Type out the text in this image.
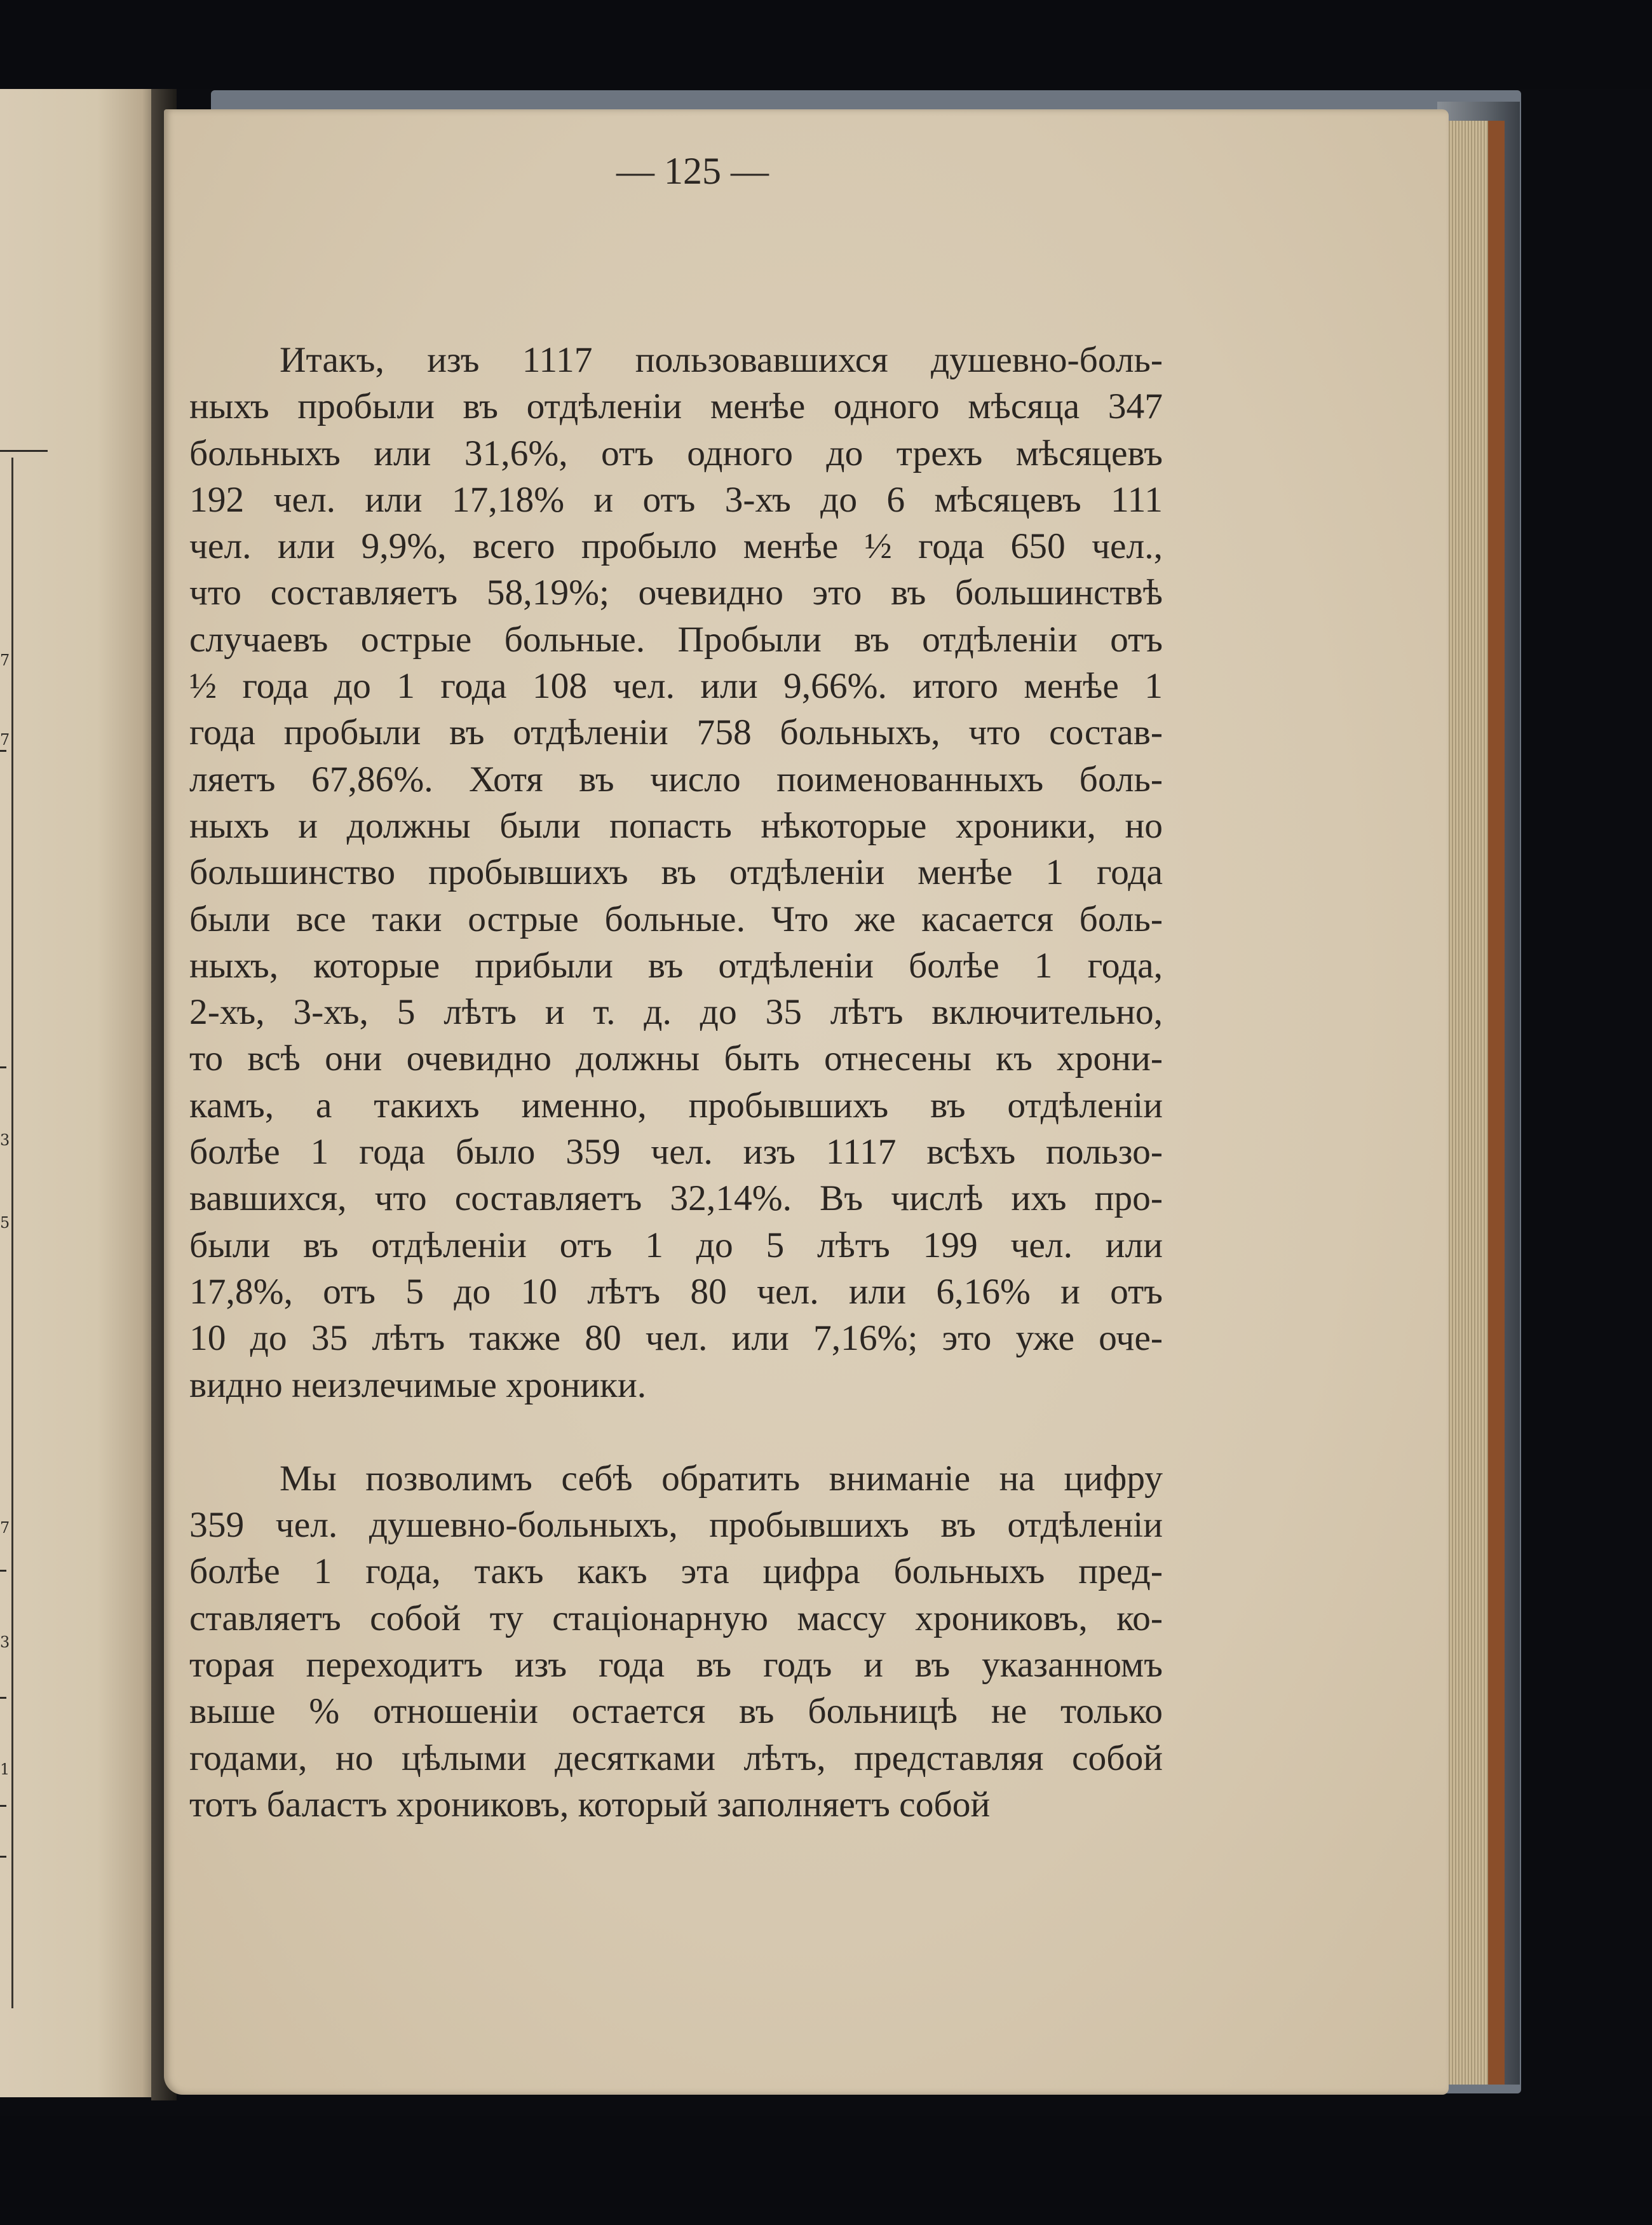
7
7
3
5
7
3
1
— 125 —

Итакъ, изъ 1117 пользовавшихся душевно-боль-
ныхъ пробыли въ отдѣленіи менѣе одного мѣсяца 347
больныхъ или 31,6%, отъ одного до трехъ мѣсяцевъ
192 чел. или 17,18% и отъ 3-хъ до 6 мѣсяцевъ 111
чел. или 9,9%, всего пробыло менѣе ½ года 650 чел.,
что составляетъ 58,19%; очевидно это въ большинствѣ
случаевъ острые больные. Пробыли въ отдѣленіи отъ
½ года до 1 года 108 чел. или 9,66%. итого менѣе 1
года пробыли въ отдѣленіи 758 больныхъ, что состав-
ляетъ 67,86%. Хотя въ число поименованныхъ боль-
ныхъ и должны были попасть нѣкоторые хроники, но
большинство пробывшихъ въ отдѣленіи менѣе 1 года
были все таки острые больные. Что же касается боль-
ныхъ, которые прибыли въ отдѣленіи болѣе 1 года,
2-хъ, 3-хъ, 5 лѣтъ и т. д. до 35 лѣтъ включительно,
то всѣ они очевидно должны быть отнесены къ хрони-
камъ, а такихъ именно, пробывшихъ въ отдѣленіи
болѣе 1 года было 359 чел. изъ 1117 всѣхъ пользо-
вавшихся, что составляетъ 32,14%. Въ числѣ ихъ про-
были въ отдѣленіи отъ 1 до 5 лѣтъ 199 чел. или
17,8%, отъ 5 до 10 лѣтъ 80 чел. или 6,16% и отъ
10 до 35 лѣтъ также 80 чел. или 7,16%; это уже оче-
видно неизлечимые хроники.

Мы позволимъ себѣ обратить вниманіе на цифру
359 чел. душевно-больныхъ, пробывшихъ въ отдѣленіи
болѣе 1 года, такъ какъ эта цифра больныхъ пред-
ставляетъ собой ту стаціонарную массу хрониковъ, ко-
торая переходитъ изъ года въ годъ и въ указанномъ
выше % отношеніи остается въ больницѣ не только
годами, но цѣлыми десятками лѣтъ, представляя собой
тотъ баластъ хрониковъ, который заполняетъ собой
